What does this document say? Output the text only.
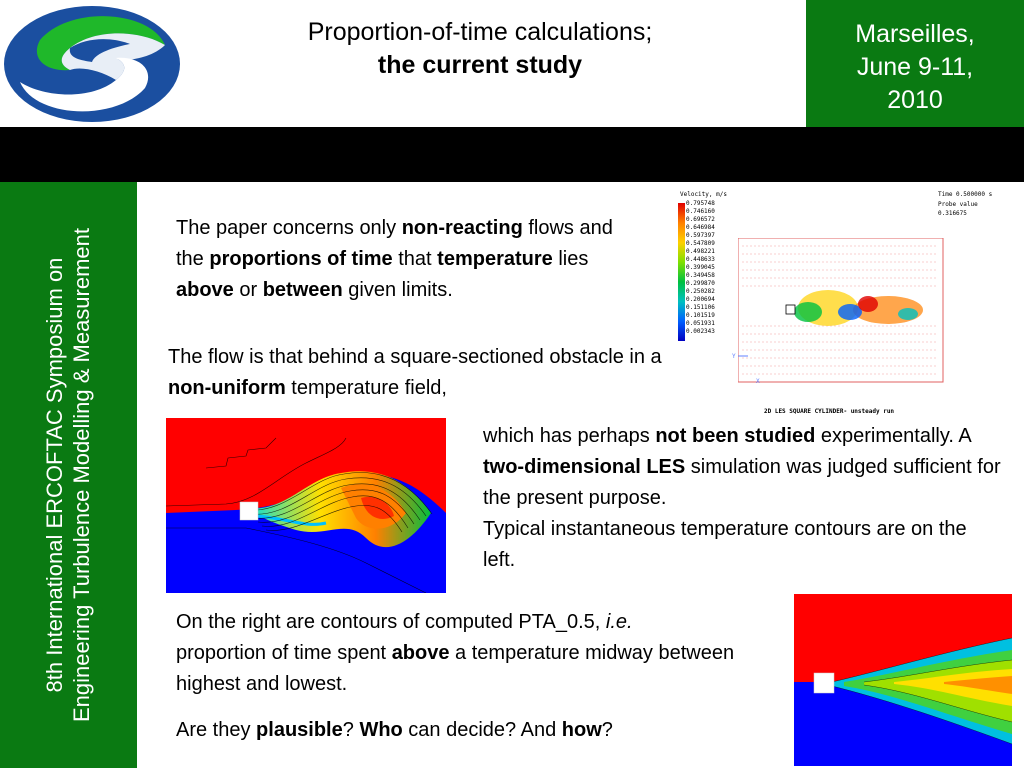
Proportion-of-time calculations;
the current study
Marseilles,
June 9-11,
2010
8th International ERCOFTAC Symposium on Engineering Turbulence Modelling & Measurement	The paper concerns only non-reacting flows and the proportions of time that temperature lies above or between given limits.
The flow is that behind a square-sectioned obstacle in a non-uniform temperature field,
which has perhaps not been studied experimentally. A two-dimensional LES simulation was judged sufficient for the present purpose.
Typical instantaneous temperature contours are on the left.
On the right are contours of computed PTA_0.5, i.e.
proportion of time spent above a temperature midway between highest and lowest.
Are they plausible? Who can decide? And how?
Velocity, m/s
0.795748
0.746160
0.696572
0.646984
0.597397
0.547809
0.498221
0.448633
0.399045
0.349458
0.299870
0.250282
0.200694
0.151106
0.101519
0.051931
0.002343
Time 0.500000 s
Probe value
0.316675
Y
X
2D LES SQUARE CYLINDER- unsteady run
